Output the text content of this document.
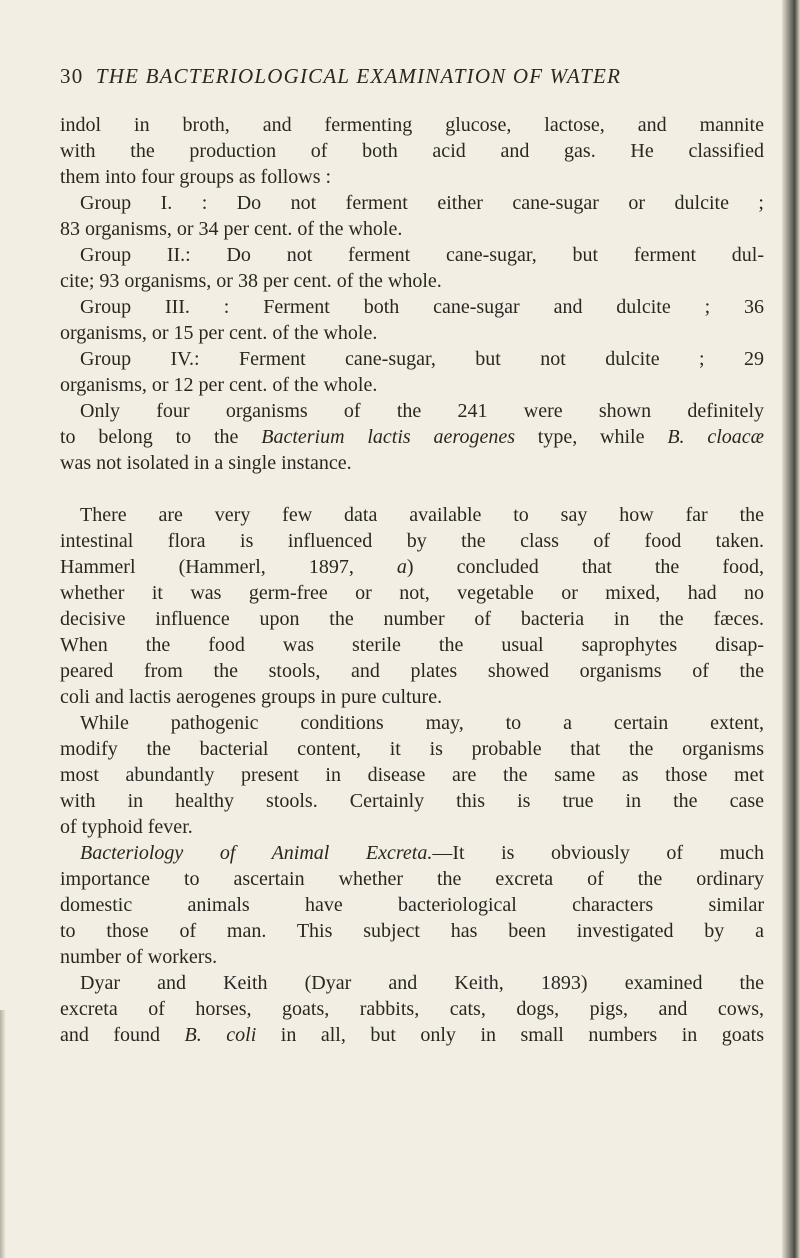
30 THE BACTERIOLOGICAL EXAMINATION OF WATER
indol in broth, and fermenting glucose, lactose, and mannite
with the production of both acid and gas. He classified
them into four groups as follows :
Group I. : Do not ferment either cane-sugar or dulcite ;
83 organisms, or 34 per cent. of the whole.
Group II.: Do not ferment cane-sugar, but ferment dul-
cite; 93 organisms, or 38 per cent. of the whole.
Group III. : Ferment both cane-sugar and dulcite ; 36
organisms, or 15 per cent. of the whole.
Group IV.: Ferment cane-sugar, but not dulcite ; 29
organisms, or 12 per cent. of the whole.
Only four organisms of the 241 were shown definitely
to belong to the Bacterium lactis aerogenes type, while B. cloacæ
was not isolated in a single instance.
There are very few data available to say how far the
intestinal flora is influenced by the class of food taken.
Hammerl (Hammerl, 1897, a) concluded that the food,
whether it was germ-free or not, vegetable or mixed, had no
decisive influence upon the number of bacteria in the fæces.
When the food was sterile the usual saprophytes disap-
peared from the stools, and plates showed organisms of the
coli and lactis aerogenes groups in pure culture.
While pathogenic conditions may, to a certain extent,
modify the bacterial content, it is probable that the organisms
most abundantly present in disease are the same as those met
with in healthy stools. Certainly this is true in the case
of typhoid fever.
Bacteriology of Animal Excreta.—It is obviously of much
importance to ascertain whether the excreta of the ordinary
domestic animals have bacteriological characters similar
to those of man. This subject has been investigated by a
number of workers.
Dyar and Keith (Dyar and Keith, 1893) examined the
excreta of horses, goats, rabbits, cats, dogs, pigs, and cows,
and found B. coli in all, but only in small numbers in goats
